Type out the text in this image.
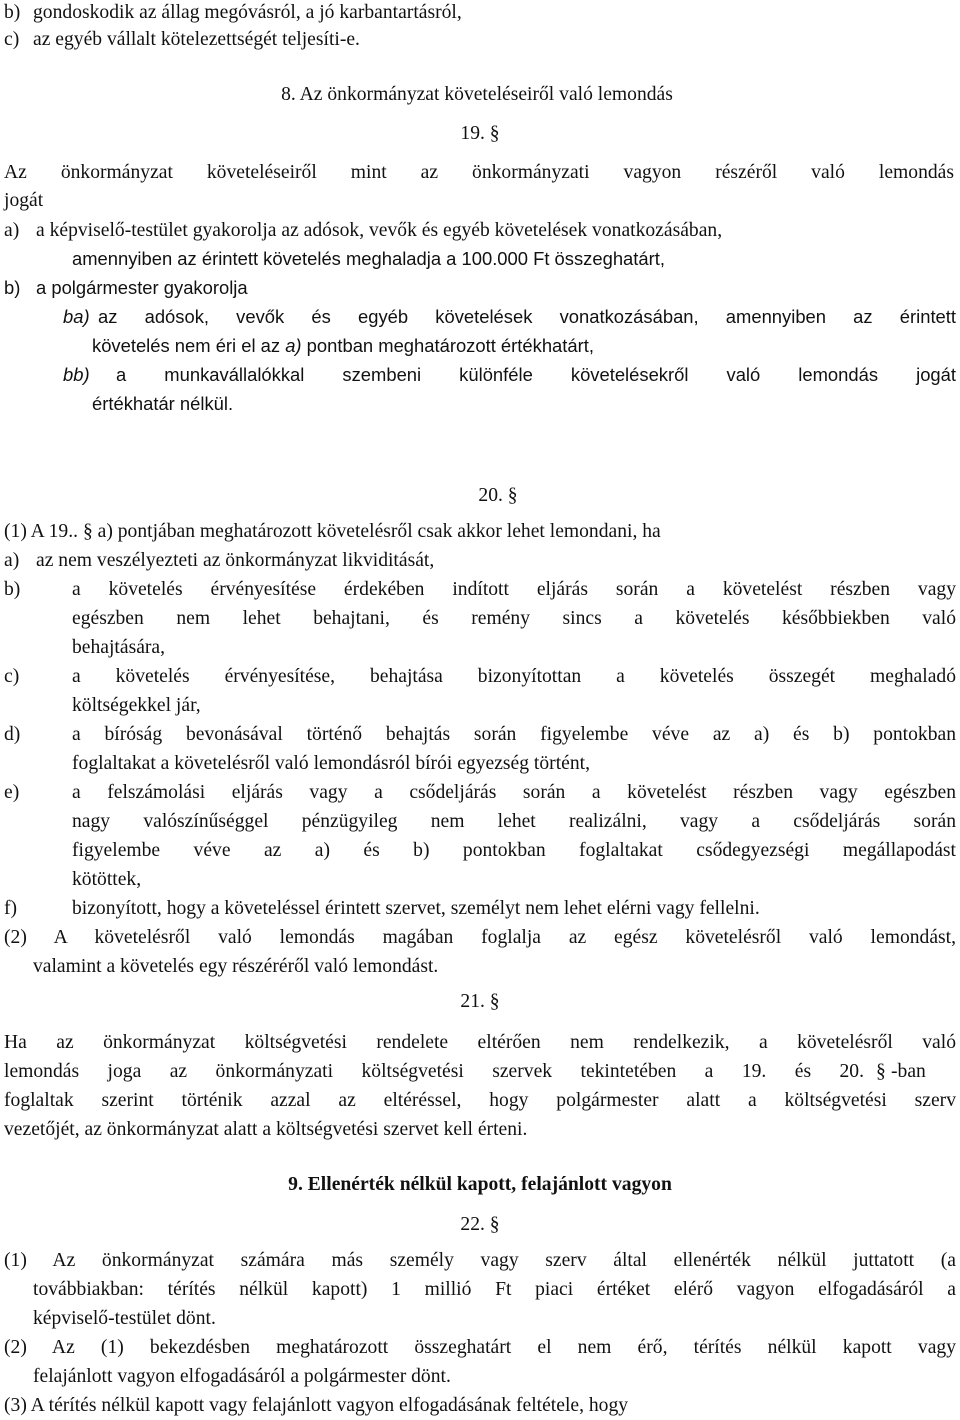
b) gondoskodik az állag megóvásról, a jó karbantartásról,
c) az egyéb vállalt kötelezettségét teljesíti-e.
8. Az önkormányzat követeléseiről való lemondás
19. §
Az önkormányzat követeléseiről mint az önkormányzati vagyon részéről való lemondás
jogát
a) a képviselő-testület gyakorolja az adósok, vevők és egyéb követelések vonatkozásában,
amennyiben az érintett követelés meghaladja a 100.000 Ft összeghatárt,
b) a polgármester gyakorolja
ba) az adósok, vevők és egyéb követelések vonatkozásában, amennyiben az érintett
követelés nem éri el az a) pontban meghatározott értékhatárt,
bb) a munkavállalókkal szembeni különféle követelésekről való lemondás jogát
értékhatár nélkül.
20. §
(1) A 19.. § a) pontjában meghatározott követelésről csak akkor lehet lemondani, ha
a) az nem veszélyezteti az önkormányzat likviditását,
b)	a követelés érvényesítése érdekében indított eljárás során a követelést részben vagy
egészben nem lehet behajtani, és remény sincs a követelés későbbiekben való
behajtására,
c)	a követelés érvényesítése, behajtása bizonyítottan a követelés összegét meghaladó
költségekkel jár,
d)	a bíróság bevonásával történő behajtás során figyelembe véve az a) és b) pontokban
foglaltakat a követelésről való lemondásról bírói egyezség történt,
e)	a felszámolási eljárás vagy a csődeljárás során a követelést részben vagy egészben
nagy valószínűséggel pénzügyileg nem lehet realizálni, vagy a csődeljárás során
figyelembe véve az a) és b) pontokban foglaltakat csődegyezségi megállapodást
kötöttek,
f)	bizonyított, hogy a követeléssel érintett szervet, személyt nem lehet elérni vagy fellelni.
(2) A követelésről való lemondás magában foglalja az egész követelésről való lemondást,
valamint a követelés egy részéréről való lemondást.
21. §
Ha az önkormányzat költségvetési rendelete eltérően nem rendelkezik, a követelésről való
lemondás joga az önkormányzati költségvetési szervek tekintetében a 19. és 20. § -ban
foglaltak szerint történik azzal az eltéréssel, hogy polgármester alatt a költségvetési szerv
vezetőjét, az önkormányzat alatt a költségvetési szervet kell érteni.
9. Ellenérték nélkül kapott, felajánlott vagyon
22. §
(1) Az önkormányzat számára más személy vagy szerv által ellenérték nélkül juttatott (a
továbbiakban: térítés nélkül kapott) 1 millió Ft piaci értéket elérő vagyon elfogadásáról a
képviselő-testület dönt.
(2) Az (1) bekezdésben meghatározott összeghatárt el nem érő, térítés nélkül kapott vagy
felajánlott vagyon elfogadásáról a polgármester dönt.
(3) A térítés nélkül kapott vagy felajánlott vagyon elfogadásának feltétele, hogy
